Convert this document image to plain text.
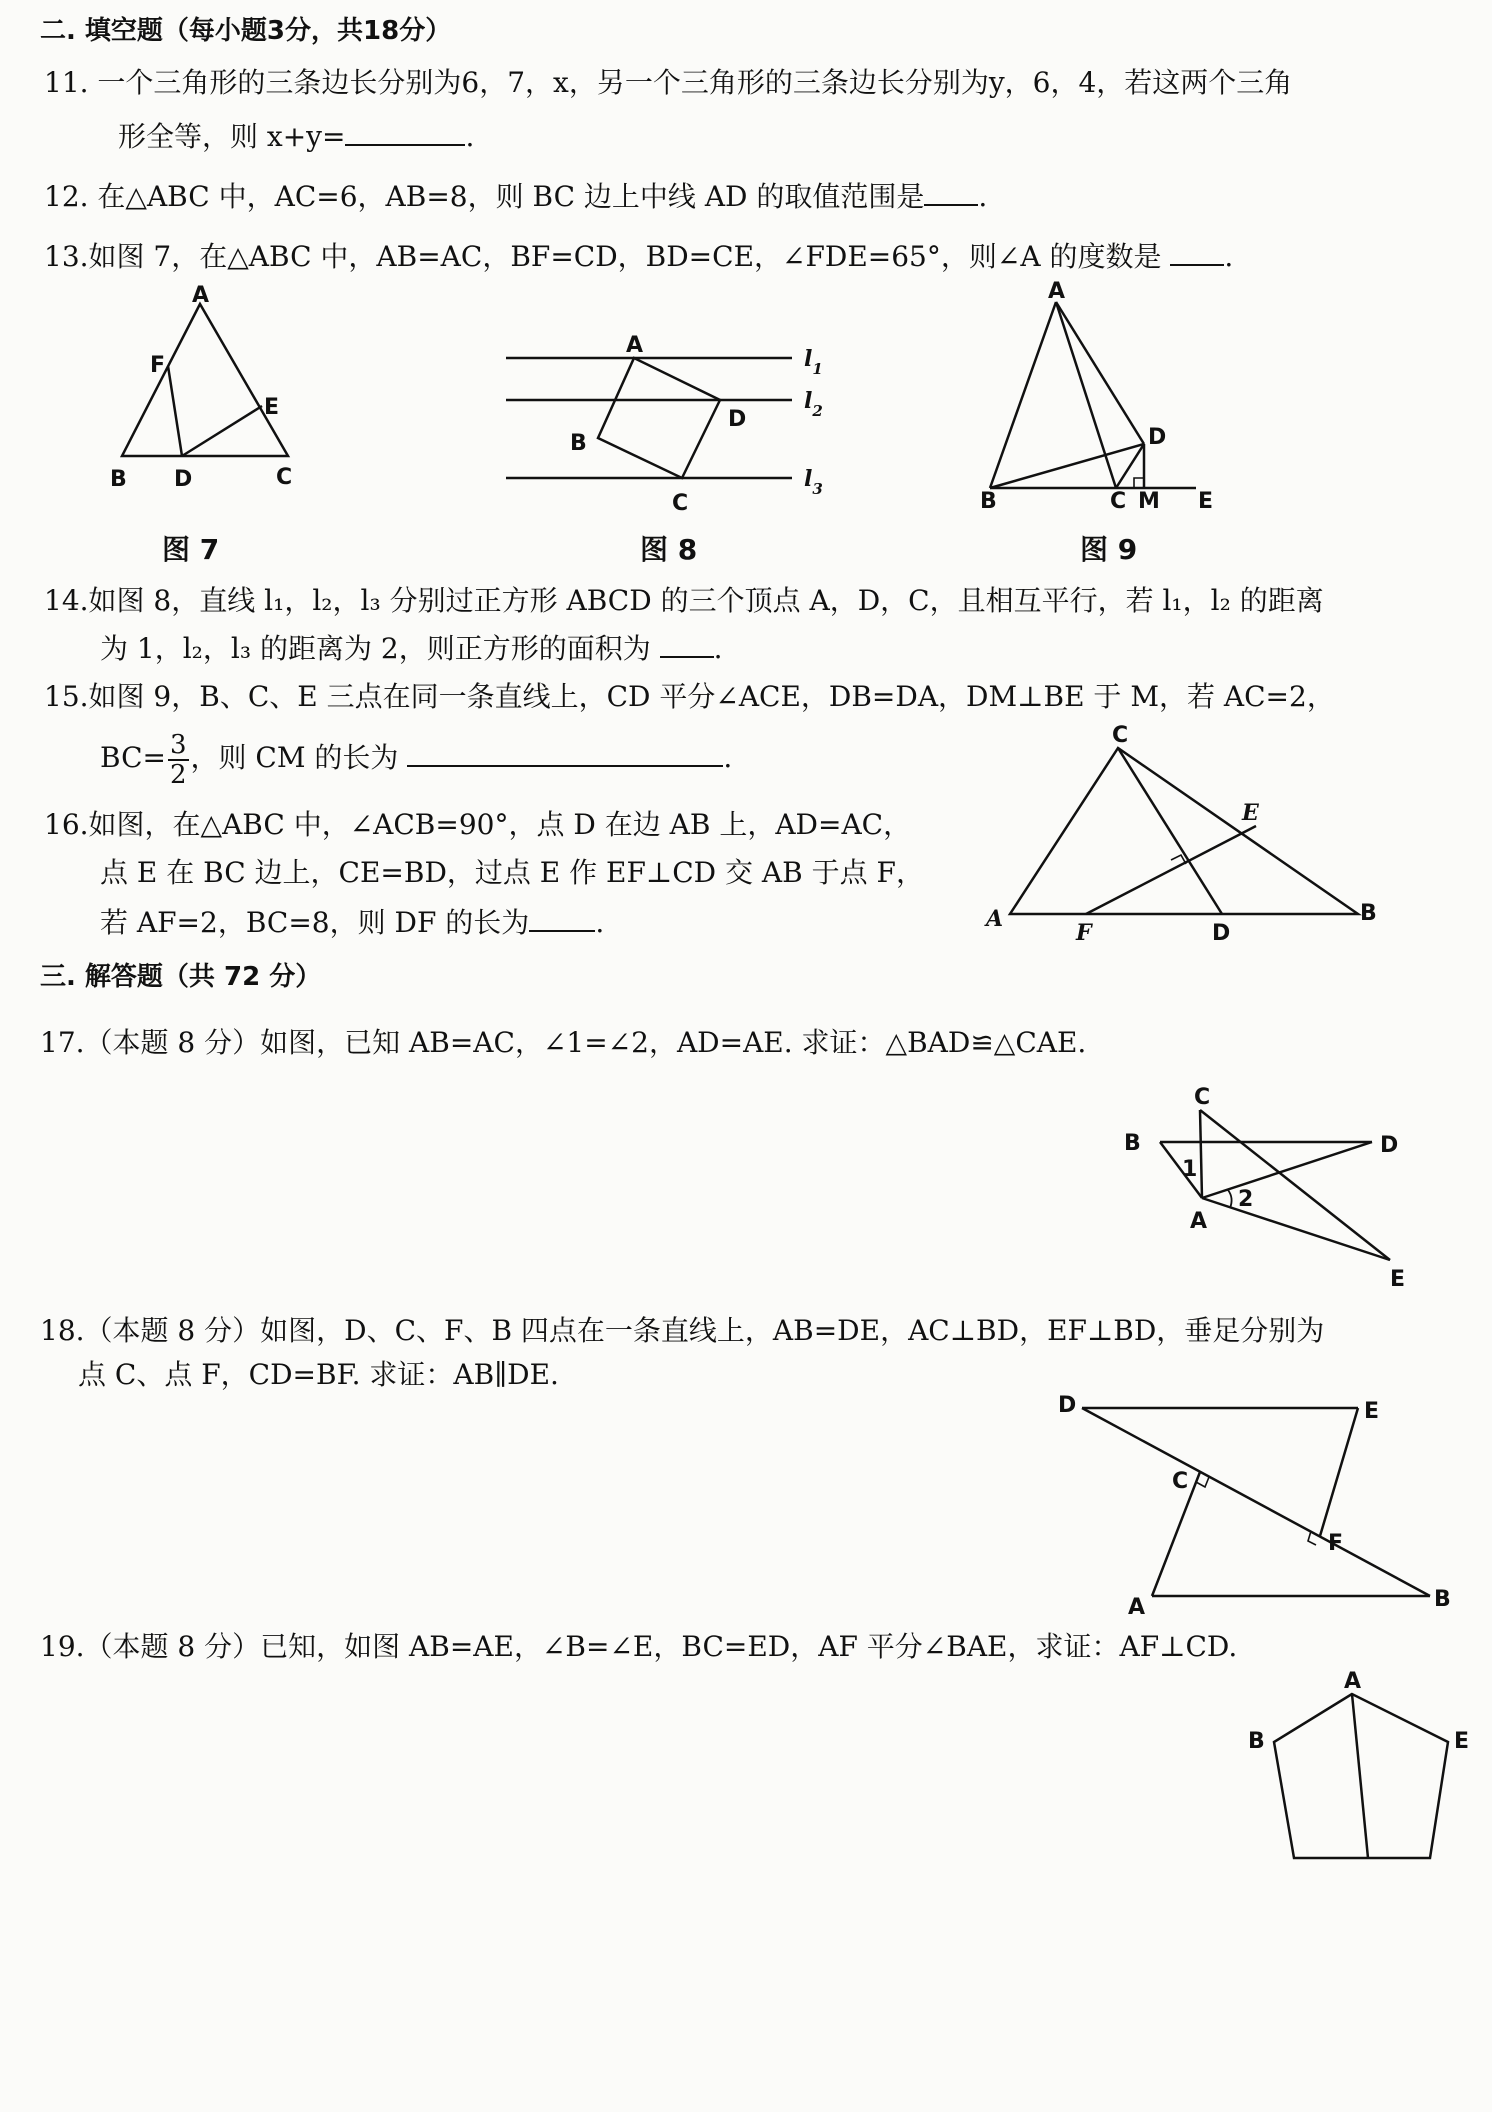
二. 填空题（每小题3分，共18分）
11. 一个三角形的三条边长分别为6，7，x，另一个三角形的三条边长分别为y，6，4，若这两个三角
形全等，则 x+y=	.
12. 在△ABC 中，AC=6，AB=8，则 BC 边上中线 AD 的取值范围是 .
13.如图 7，在△ABC 中，AB=AC，BF=CD，BD=CE，∠FDE=65°，则∠A 的度数是 .
A
B	C
D
E
F
图 7
A
B
C
D
$l_1$
$l_2$
$l_3$
图 8
A
B	C
D
E
M
图 9
14.如图 8，直线 l₁，l₂，l₃ 分别过正方形 ABCD 的三个顶点 A，D，C，且相互平行，若 l₁，l₂ 的距离
为 1，l₂，l₃ 的距离为 2，则正方形的面积为 .
15.如图 9，B、C、E 三点在同一条直线上，CD 平分∠ACE，DB=DA，DM⊥BE 于 M，若 AC=2，
$BC= \frac{3}{2}$ ，则 CM 的长为	.
16.如图，在△ABC 中，∠ACB=90°，点 D 在边 AB 上，AD=AC，
点 E 在 BC 边上，CE=BD，过点 E 作 EF⊥CD 交 AB 于点 F，
若 AF=2，BC=8，则 DF 的长为 .
C
A	B
D
E
F
三. 解答题（共 72 分）
17.（本题 8 分）如图，已知 AB=AC，∠1=∠2，AD=AE. 求证：△BAD≌△CAE.
C
B	D
A
E
1
2
18.（本题 8 分）如图，D、C、F、B 四点在一条直线上，AB=DE，AC⊥BD，EF⊥BD，垂足分别为
点 C、点 F，CD=BF. 求证：AB∥DE.
D	E
C
F
A	B
19.（本题 8 分）已知，如图 AB=AE，∠B=∠E，BC=ED，AF 平分∠BAE，求证：AF⊥CD.
A
B	E
